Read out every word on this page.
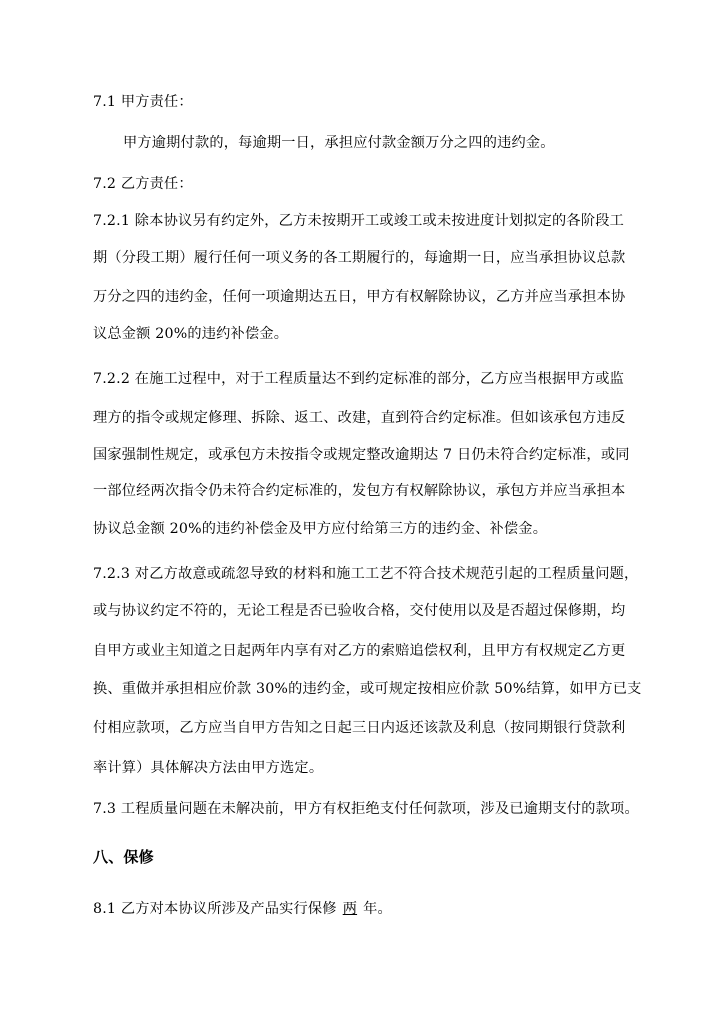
7.1 甲方责任：
甲方逾期付款的，每逾期一日，承担应付款金额万分之四的违约金。
7.2 乙方责任：
7.2.1 除本协议另有约定外，乙方未按期开工或竣工或未按进度计划拟定的各阶段工
期（分段工期）履行任何一项义务的各工期履行的，每逾期一日，应当承担协议总款
万分之四的违约金，任何一项逾期达五日，甲方有权解除协议，乙方并应当承担本协
议总金额 20%的违约补偿金。
7.2.2 在施工过程中，对于工程质量达不到约定标准的部分，乙方应当根据甲方或监
理方的指令或规定修理、拆除、返工、改建，直到符合约定标准。但如该承包方违反
国家强制性规定，或承包方未按指令或规定整改逾期达 7 日仍未符合约定标准，或同
一部位经两次指令仍未符合约定标准的，发包方有权解除协议，承包方并应当承担本
协议总金额 20%的违约补偿金及甲方应付给第三方的违约金、补偿金。
7.2.3 对乙方故意或疏忽导致的材料和施工工艺不符合技术规范引起的工程质量问题，
或与协议约定不符的，无论工程是否已验收合格，交付使用以及是否超过保修期，均
自甲方或业主知道之日起两年内享有对乙方的索赔追偿权利，且甲方有权规定乙方更
换、重做并承担相应价款 30%的违约金，或可规定按相应价款 50%结算，如甲方已支
付相应款项，乙方应当自甲方告知之日起三日内返还该款及利息（按同期银行贷款利
率计算）具体解决方法由甲方选定。
7.3 工程质量问题在未解决前，甲方有权拒绝支付任何款项，涉及已逾期支付的款项。
八、保修
8.1 乙方对本协议所涉及产品实行保修 两 年。
